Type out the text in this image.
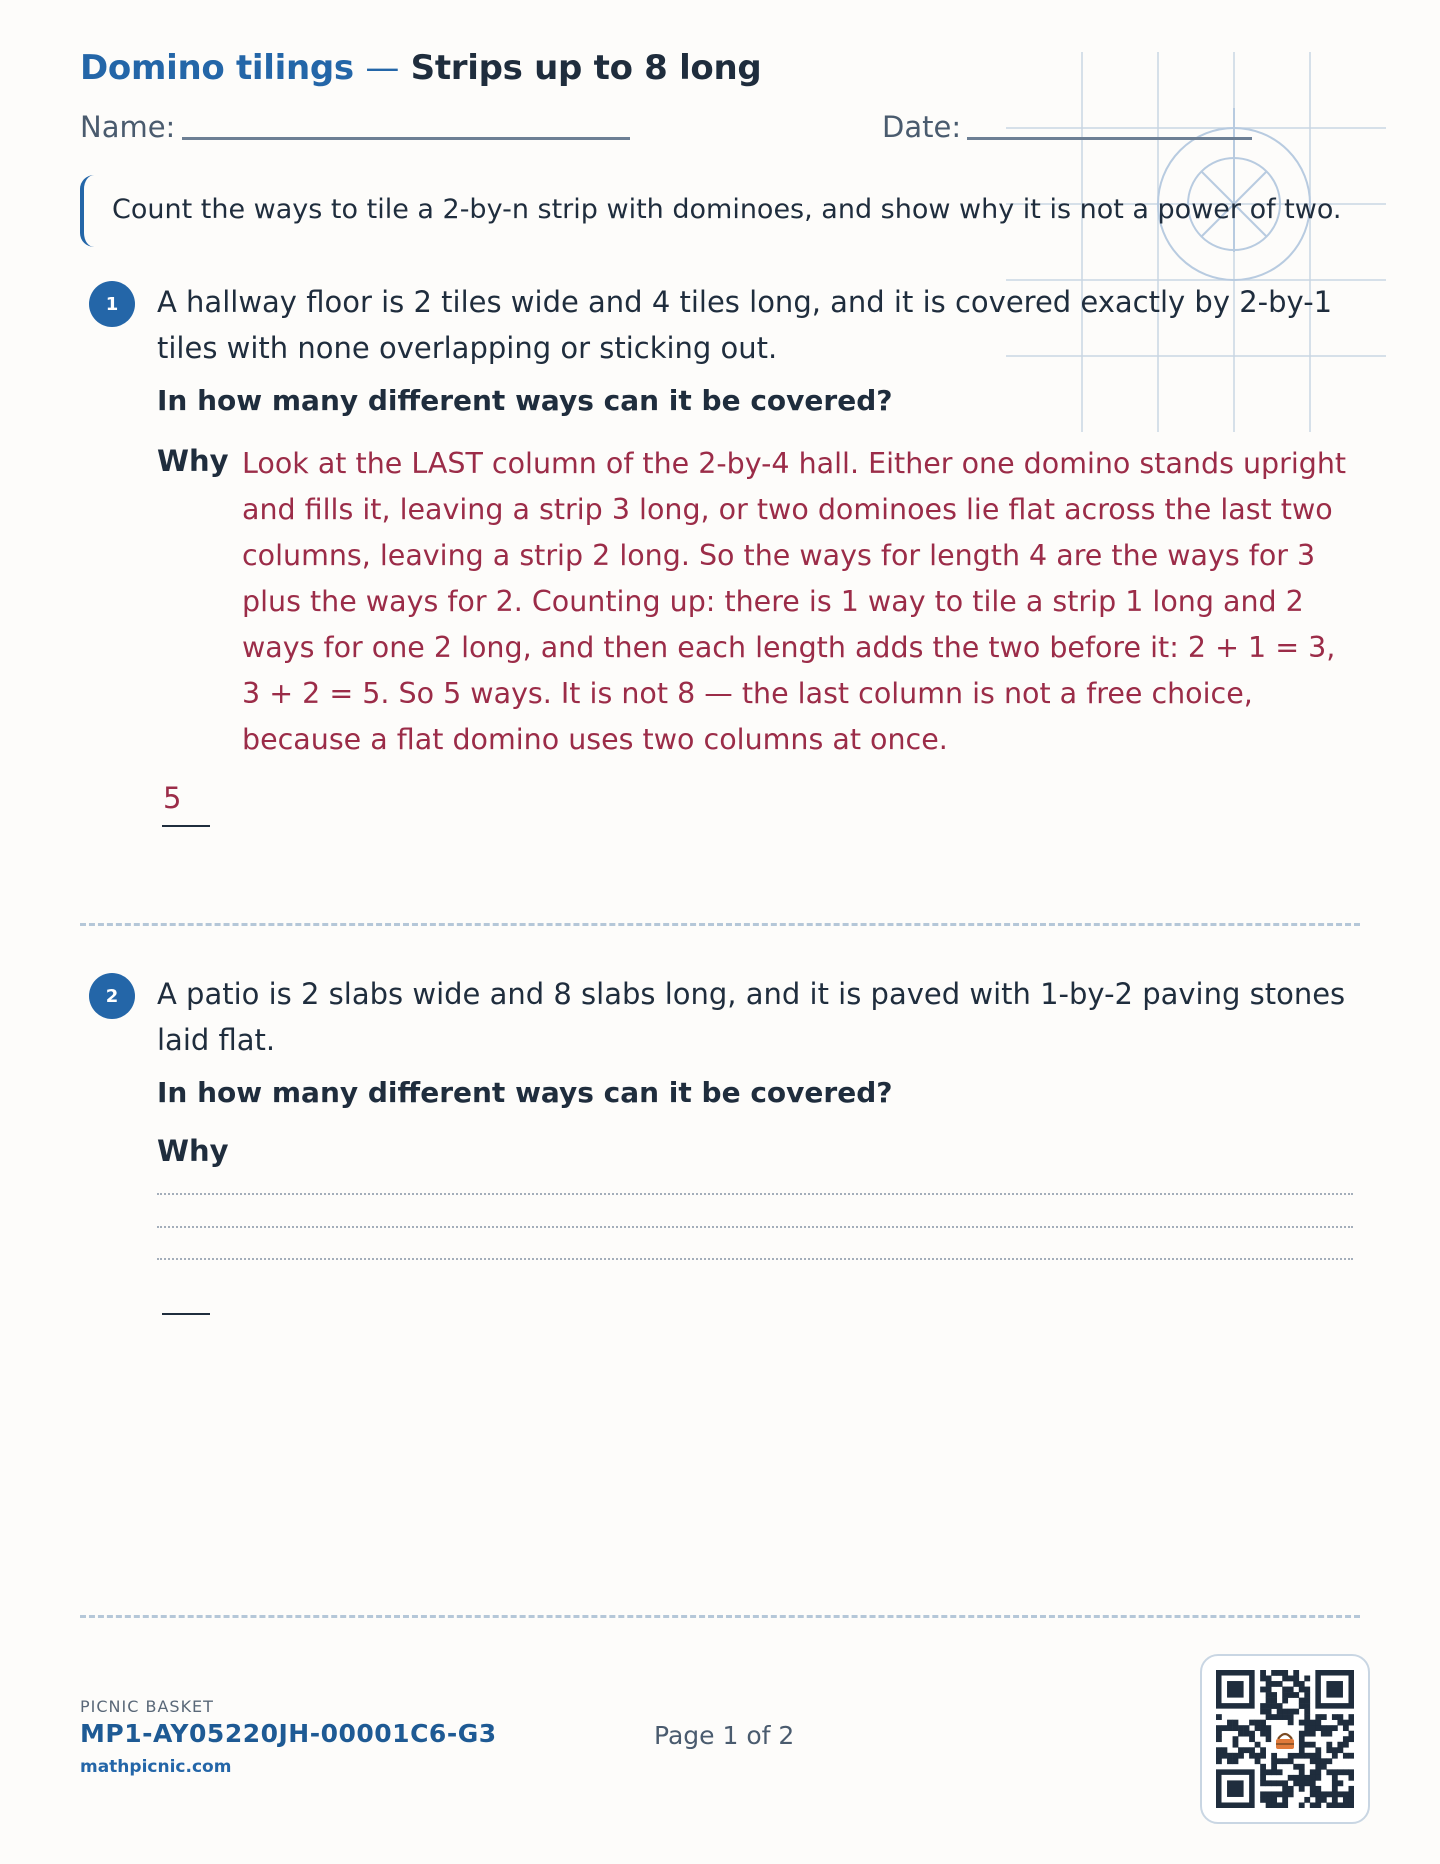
Domino tilings — Strips up to 8 long
Name:	Date:
Count the ways to tile a 2-by-n strip with dominoes, and show why it is not a power of two.
1	A hallway floor is 2 tiles wide and 4 tiles long, and it is covered exactly by 2-by-1 tiles with none overlapping or sticking out.
In how many different ways can it be covered?
Why Look at the LAST column of the 2-by-4 hall. Either one domino stands upright and fills it, leaving a strip 3 long, or two dominoes lie flat across the last two columns, leaving a strip 2 long. So the ways for length 4 are the ways for 3 plus the ways for 2. Counting up: there is 1 way to tile a strip 1 long and 2 ways for one 2 long, and then each length adds the two before it: 2 + 1 = 3, 3 + 2 = 5. So 5 ways. It is not 8 — the last column is not a free choice, because a flat domino uses two columns at once.
5
2	A patio is 2 slabs wide and 8 slabs long, and it is paved with 1-by-2 paving stones laid flat.
In how many different ways can it be covered?
Why
PICNIC BASKET
MP1-AY05220JH-00001C6-G3
mathpicnic.com
Page 1 of 2
